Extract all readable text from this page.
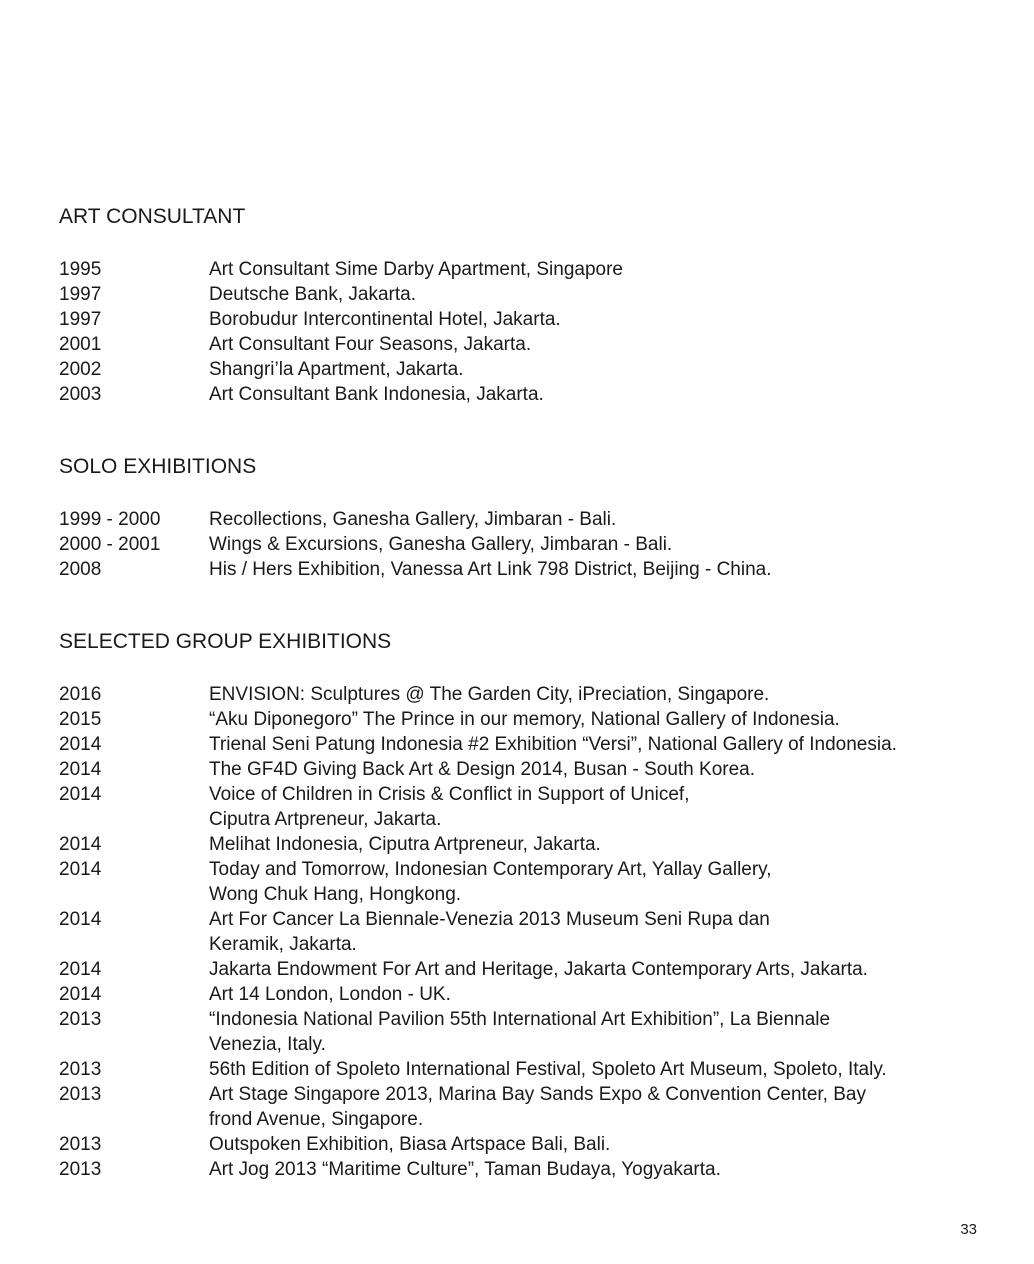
ART CONSULTANT
1995	Art Consultant Sime Darby Apartment, Singapore
1997	Deutsche Bank, Jakarta.
1997	Borobudur Intercontinental Hotel, Jakarta.
2001	Art Consultant Four Seasons, Jakarta.
2002	Shangri’la Apartment, Jakarta.
2003	Art Consultant Bank Indonesia, Jakarta.
SOLO EXHIBITIONS
1999 - 2000	Recollections, Ganesha Gallery, Jimbaran - Bali.
2000 - 2001	Wings & Excursions, Ganesha Gallery, Jimbaran - Bali.
2008	His / Hers Exhibition, Vanessa Art Link 798 District, Beijing - China.
SELECTED GROUP EXHIBITIONS
2016	ENVISION: Sculptures @ The Garden City, iPreciation, Singapore.
2015	“Aku Diponegoro” The Prince in our memory, National Gallery of Indonesia.
2014	Trienal Seni Patung Indonesia #2 Exhibition “Versi”, National Gallery of Indonesia.
2014	The GF4D Giving Back Art & Design 2014, Busan - South Korea.
2014	Voice of Children in Crisis & Conflict in Support of Unicef,
Ciputra Artpreneur, Jakarta.
2014	Melihat Indonesia, Ciputra Artpreneur, Jakarta.
2014	Today and Tomorrow, Indonesian Contemporary Art, Yallay Gallery,
Wong Chuk Hang, Hongkong.
2014	Art For Cancer La Biennale-Venezia 2013 Museum Seni Rupa dan
Keramik, Jakarta.
2014	Jakarta Endowment For Art and Heritage, Jakarta Contemporary Arts, Jakarta.
2014	Art 14 London, London - UK.
2013	“Indonesia National Pavilion 55th International Art Exhibition”, La Biennale
Venezia, Italy.
2013	56th Edition of Spoleto International Festival, Spoleto Art Museum, Spoleto, Italy.
2013	Art Stage Singapore 2013, Marina Bay Sands Expo & Convention Center, Bay
frond Avenue, Singapore.
2013	Outspoken Exhibition, Biasa Artspace Bali, Bali.
2013	Art Jog 2013 “Maritime Culture”, Taman Budaya, Yogyakarta.
33
